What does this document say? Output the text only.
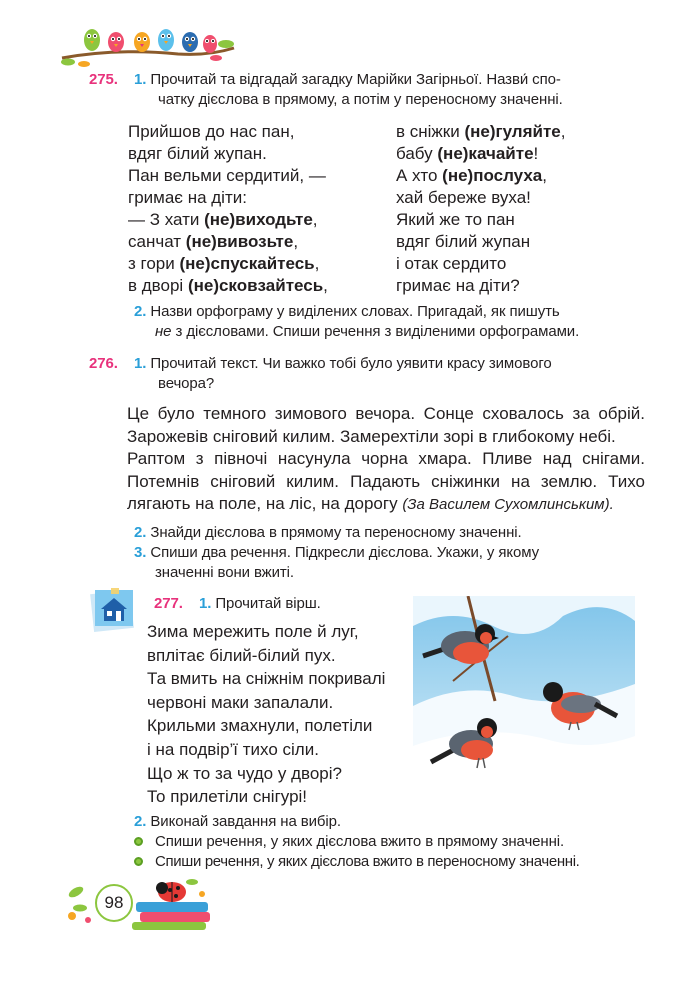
275. 1. Прочитай та відгадай загадку Марійки Загірньої. Назви́ спо-
чатку дієслова в прямому, а потім у переносному значенні.
Прийшов до нас пан,
вдяг білий жупан.
Пан вельми сердитий, —
гримає на діти:
— З хати (не)виходьте,
санчат (не)вивозьте,
з гори (не)спускайтесь,
в дворі (не)сковзайтесь,
в сніжки (не)гуляйте,
бабу (не)качайте!
А хто (не)послуха,
хай береже вуха!
Який же то пан
вдяг білий жупан
і отак сердито
гримає на діти?
2. Назви орфограму у виділених словах. Пригадай, як пишуть
не з дієсловами. Спиши речення з виділеними орфограмами.
276. 1. Прочитай текст. Чи важко тобі було уявити красу зимового
вечора?

Це було темного зимового вечора. Сонце сховалось за обрій. Зарожевів сніговий килим. Замерехтіли зорі в глибокому небі.

Раптом з півночі насунула чорна хмара. Пливе над снігами. Потемнів сніговий килим. Падають сніжинки на землю. Тихо лягають на поле, на ліс, на дорогу (За Василем Сухомлинським).

2. Знайди дієслова в прямому та переносному значенні.
3. Спиши два речення. Підкресли дієслова. Укажи, у якому
значенні вони вжиті.
277. 1. Прочитай вірш.
Зима мережить поле й луг,
вплітає білий-білий пух.
Та вмить на сніжнім покривалі
червоні маки запалали.
Крильми змахнули, полетіли
і на подвір’ї тихо сіли.
Що ж то за чудо у дворі?
То прилетіли снігурі!
2. Виконай завдання на вибір.
Спиши речення, у яких дієслова вжито в прямому значенні.
Спиши речення, у яких дієслова вжито в переносному значенні.
98
